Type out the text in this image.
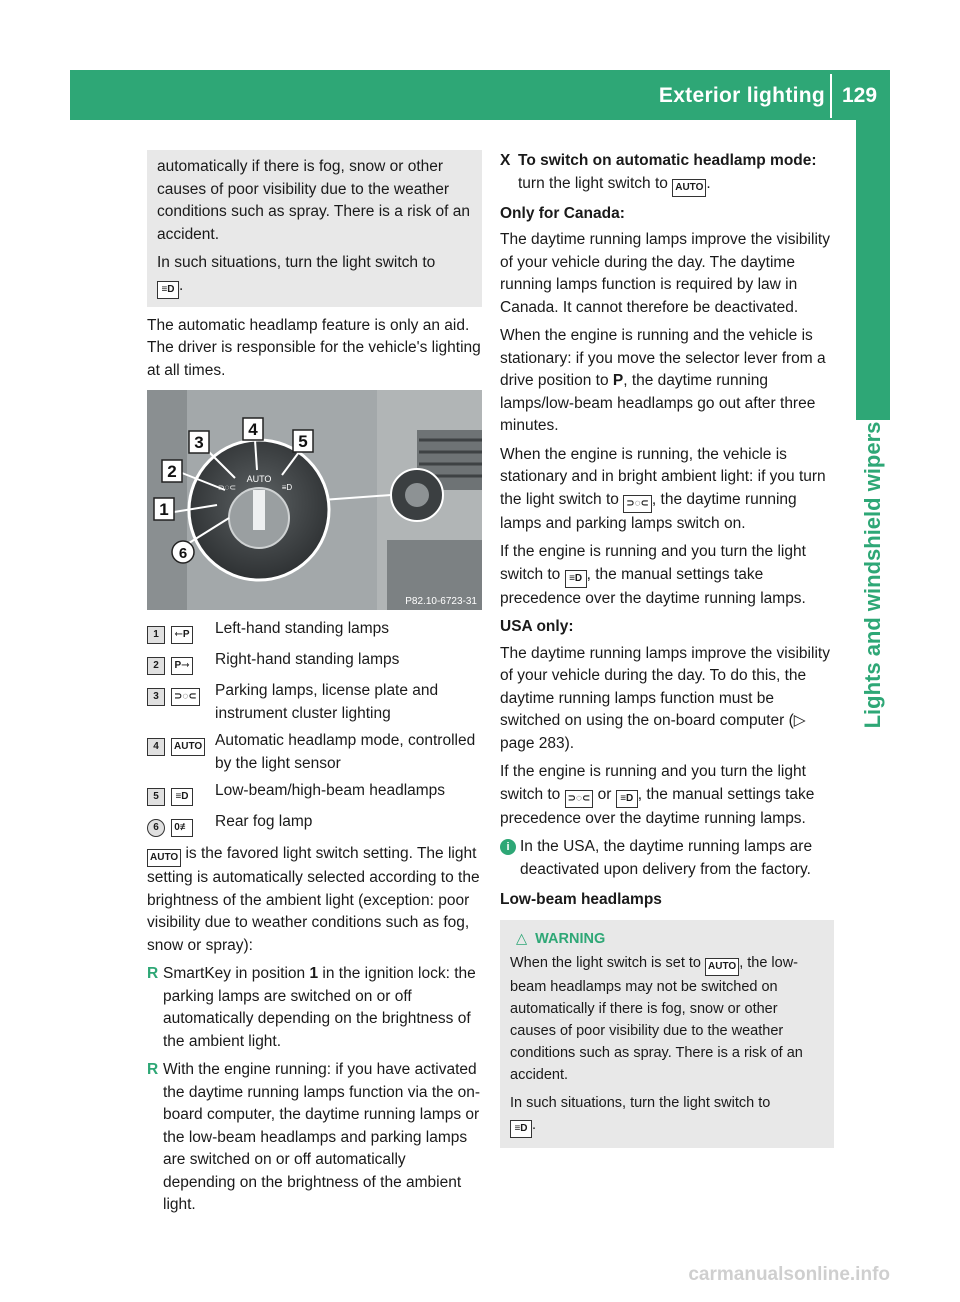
Exterior lighting 129
Lights and windshield wipers

automatically if there is fog, snow or other causes of poor visibility due to the weather conditions such as spray. There is a risk of an accident.

In such situations, turn the light switch to
≡D .

The automatic headlamp feature is only an aid. The driver is responsible for the vehicle's lighting at all times.

AUTO
⊃◌⊂	≡D
1
2
3
4
5
6
P82.10-6723-31
1	⇽P	Left-hand standing lamps
2	P⇾	Right-hand standing lamps
3	⊃◌⊂	Parking lamps, license plate and instrument cluster lighting
4	AUTO Automatic headlamp mode, controlled by the light sensor
5	≡D	Low-beam/high-beam headlamps
6	0≢	Rear fog lamp

AUTO is the favored light switch setting. The light setting is automatically selected according to the brightness of the ambient light (exception: poor visibility due to weather conditions such as fog, snow or spray):

R SmartKey in position 1 in the ignition lock: the parking lamps are switched on or off automatically depending on the brightness of the ambient light.
R With the engine running: if you have activated the daytime running lamps function via the on-board computer, the daytime running lamps or the low-beam headlamps and parking lamps are switched on or off automatically depending on the brightness of the ambient light.
X To switch on automatic headlamp mode: turn the light switch to AUTO .
Only for Canada:

The daytime running lamps improve the visibility of your vehicle during the day. The daytime running lamps function is required by law in Canada. It cannot therefore be deactivated.

When the engine is running and the vehicle is stationary: if you move the selector lever from a drive position to P, the daytime running lamps/low-beam headlamps go out after three minutes.

When the engine is running, the vehicle is stationary and in bright ambient light: if you turn the light switch to ⊃◌⊂ , the daytime running lamps and parking lamps switch on.

If the engine is running and you turn the light switch to ≡D , the manual settings take precedence over the daytime running lamps.

USA only:

The daytime running lamps improve the visibility of your vehicle during the day. To do this, the daytime running lamps function must be switched on using the on-board computer (▷ page 283).

If the engine is running and you turn the light switch to ⊃◌⊂ or ≡D , the manual settings take precedence over the daytime running lamps.

i In the USA, the daytime running lamps are deactivated upon delivery from the factory.
Low-beam headlamps
△ WARNING

When the light switch is set to AUTO , the low-beam headlamps may not be switched on automatically if there is fog, snow or other causes of poor visibility due to the weather conditions such as spray. There is a risk of an accident.

In such situations, turn the light switch to
≡D .

carmanualsonline.info
